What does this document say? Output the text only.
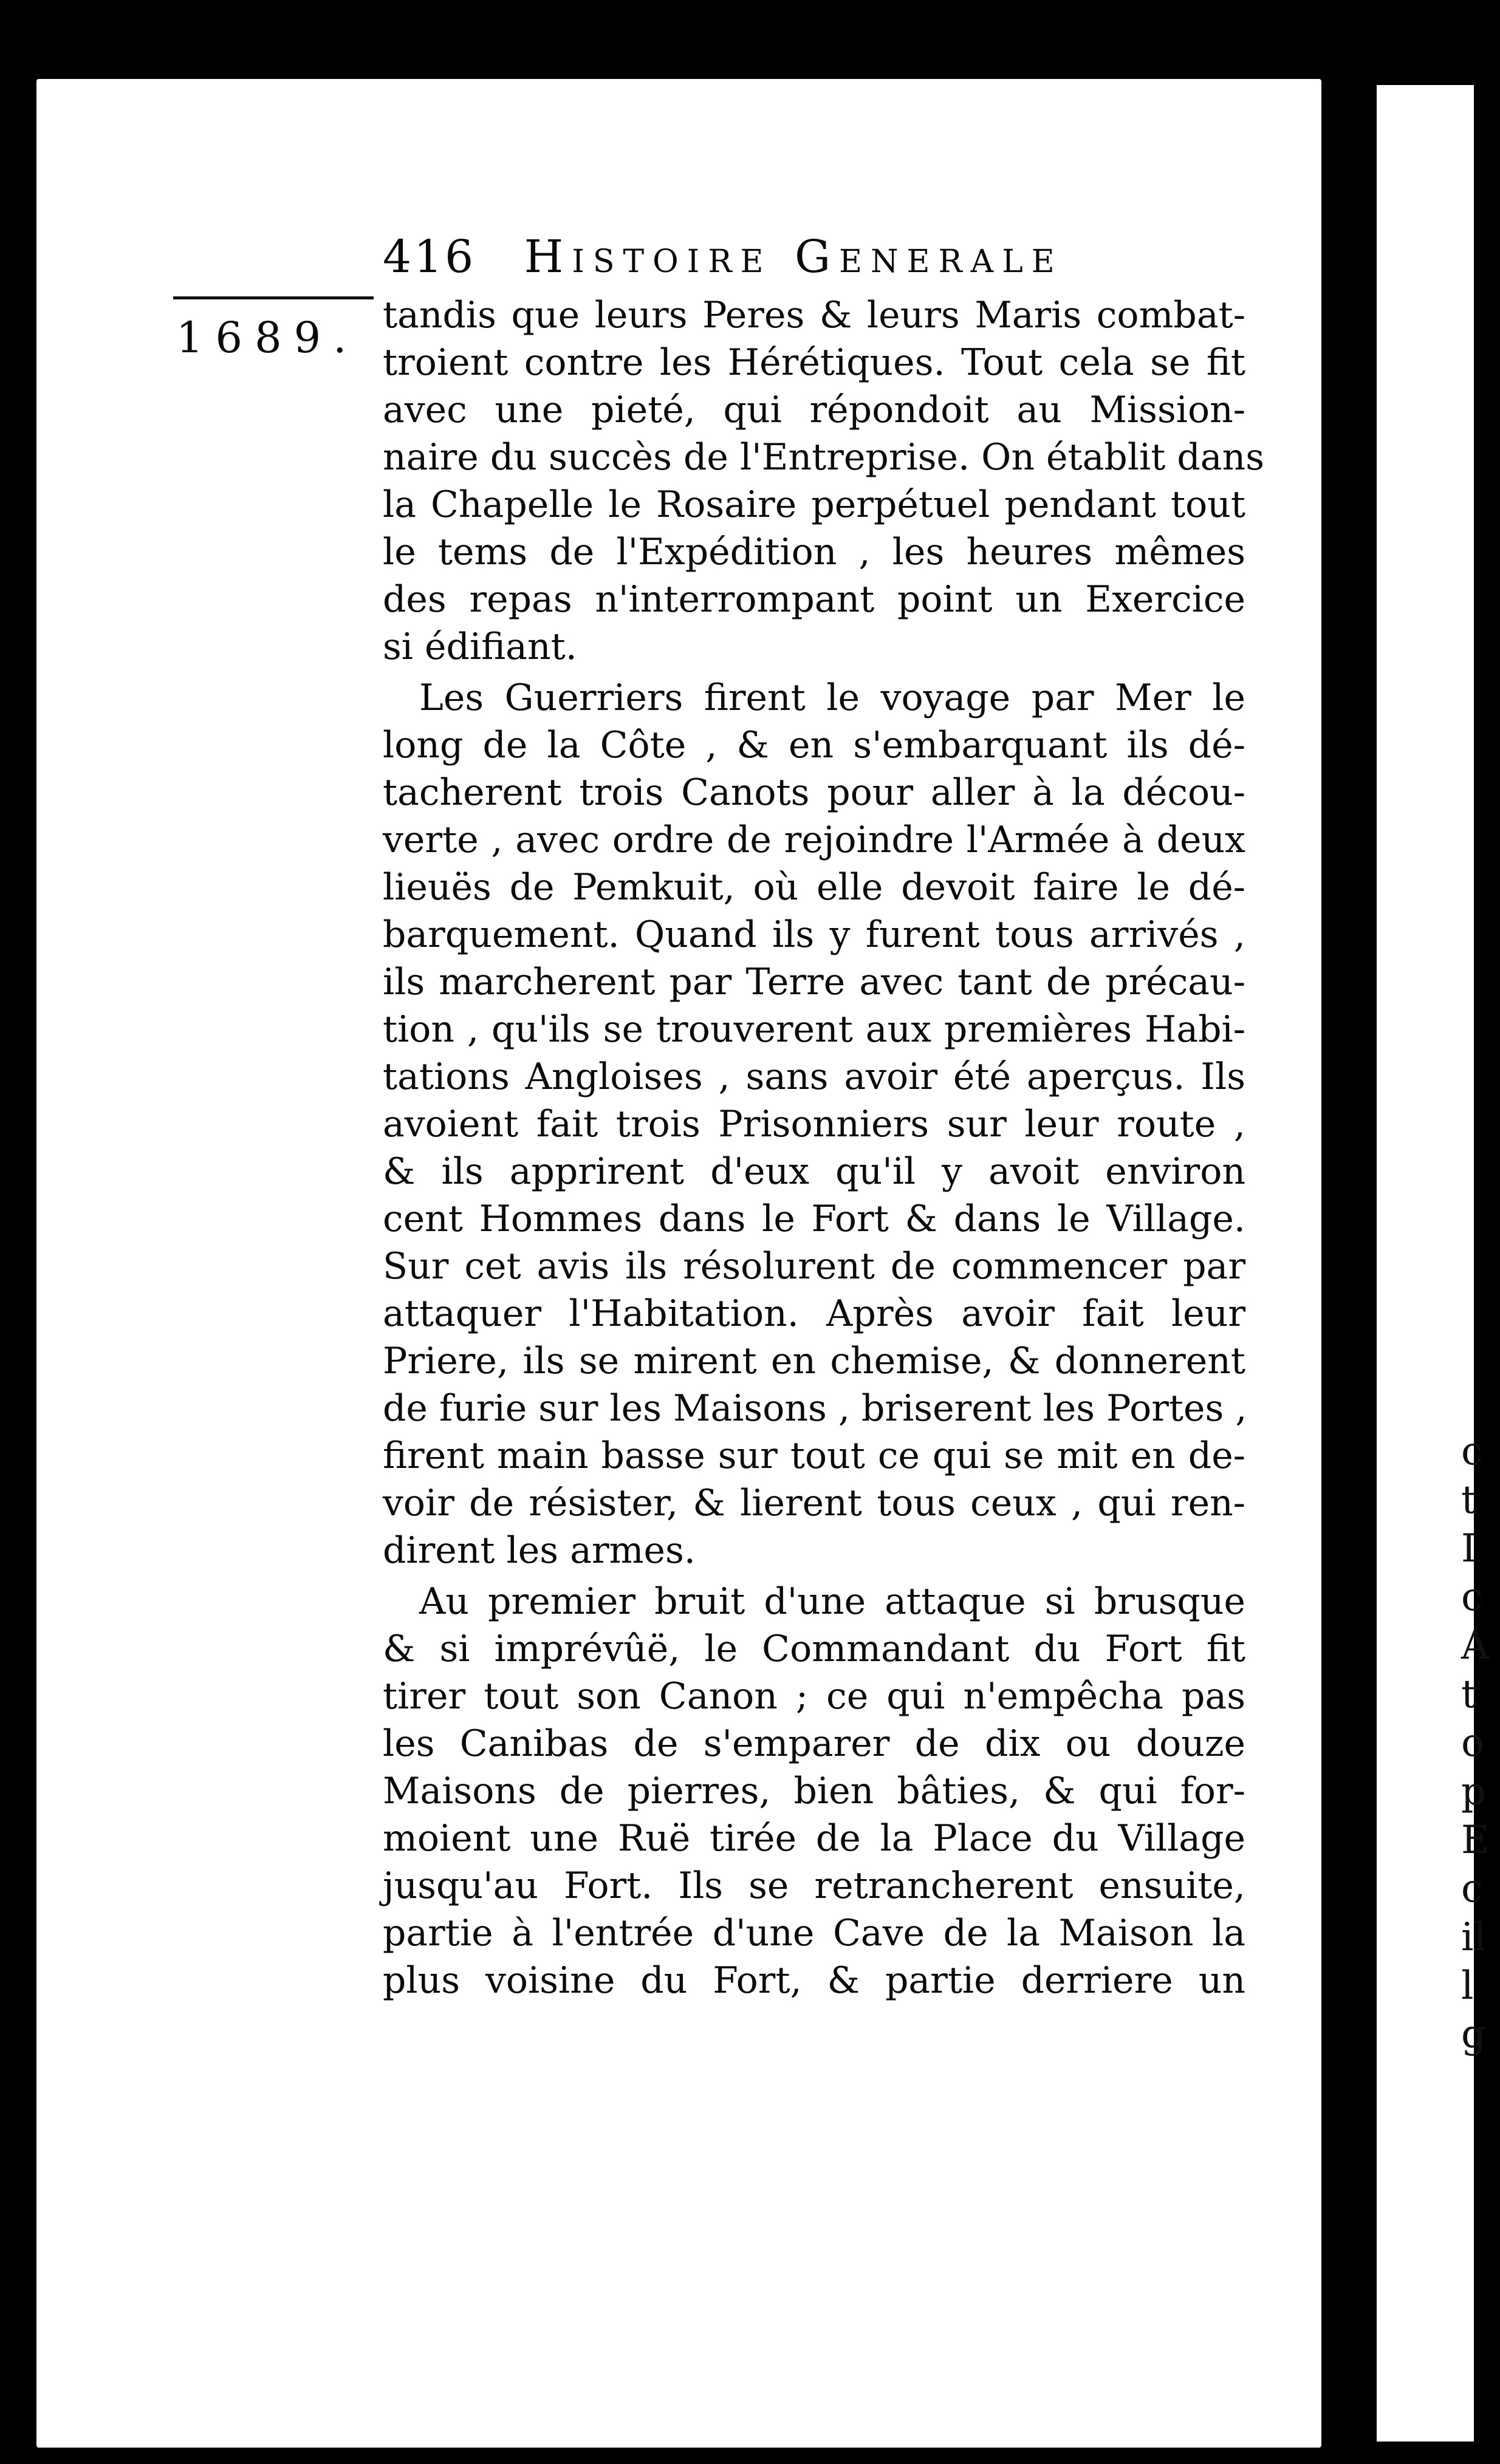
c
t
I
c
A
t
o
p
E
c
il
l
g
416 Histoire Generale
1689. tandis que leurs Peres & leurs Maris combat-
troient contre les Hérétiques. Tout cela se fit
avec une pieté, qui répondoit au Mission-
naire du succès de l'Entreprise. On établit dans
la Chapelle le Rosaire perpétuel pendant tout
le tems de l'Expédition , les heures mêmes
des repas n'interrompant point un Exercice
si édifiant.
Les Guerriers firent le voyage par Mer le
long de la Côte , & en s'embarquant ils dé-
tacherent trois Canots pour aller à la décou-
verte , avec ordre de rejoindre l'Armée à deux
lieuës de Pemkuit, où elle devoit faire le dé-
barquement. Quand ils y furent tous arrivés ,
ils marcherent par Terre avec tant de précau-
tion , qu'ils se trouverent aux premières Habi-
tations Angloises , sans avoir été aperçus. Ils
avoient fait trois Prisonniers sur leur route ,
& ils apprirent d'eux qu'il y avoit environ
cent Hommes dans le Fort & dans le Village.
Sur cet avis ils résolurent de commencer par
attaquer l'Habitation. Après avoir fait leur
Priere, ils se mirent en chemise, & donnerent
de furie sur les Maisons , briserent les Portes ,
firent main basse sur tout ce qui se mit en de-
voir de résister, & lierent tous ceux , qui ren-
dirent les armes.
Au premier bruit d'une attaque si brusque
& si imprévûë, le Commandant du Fort fit
tirer tout son Canon ; ce qui n'empêcha pas
les Canibas de s'emparer de dix ou douze
Maisons de pierres, bien bâties, & qui for-
moient une Ruë tirée de la Place du Village
jusqu'au Fort. Ils se retrancherent ensuite,
partie à l'entrée d'une Cave de la Maison la
plus voisine du Fort, & partie derriere un
